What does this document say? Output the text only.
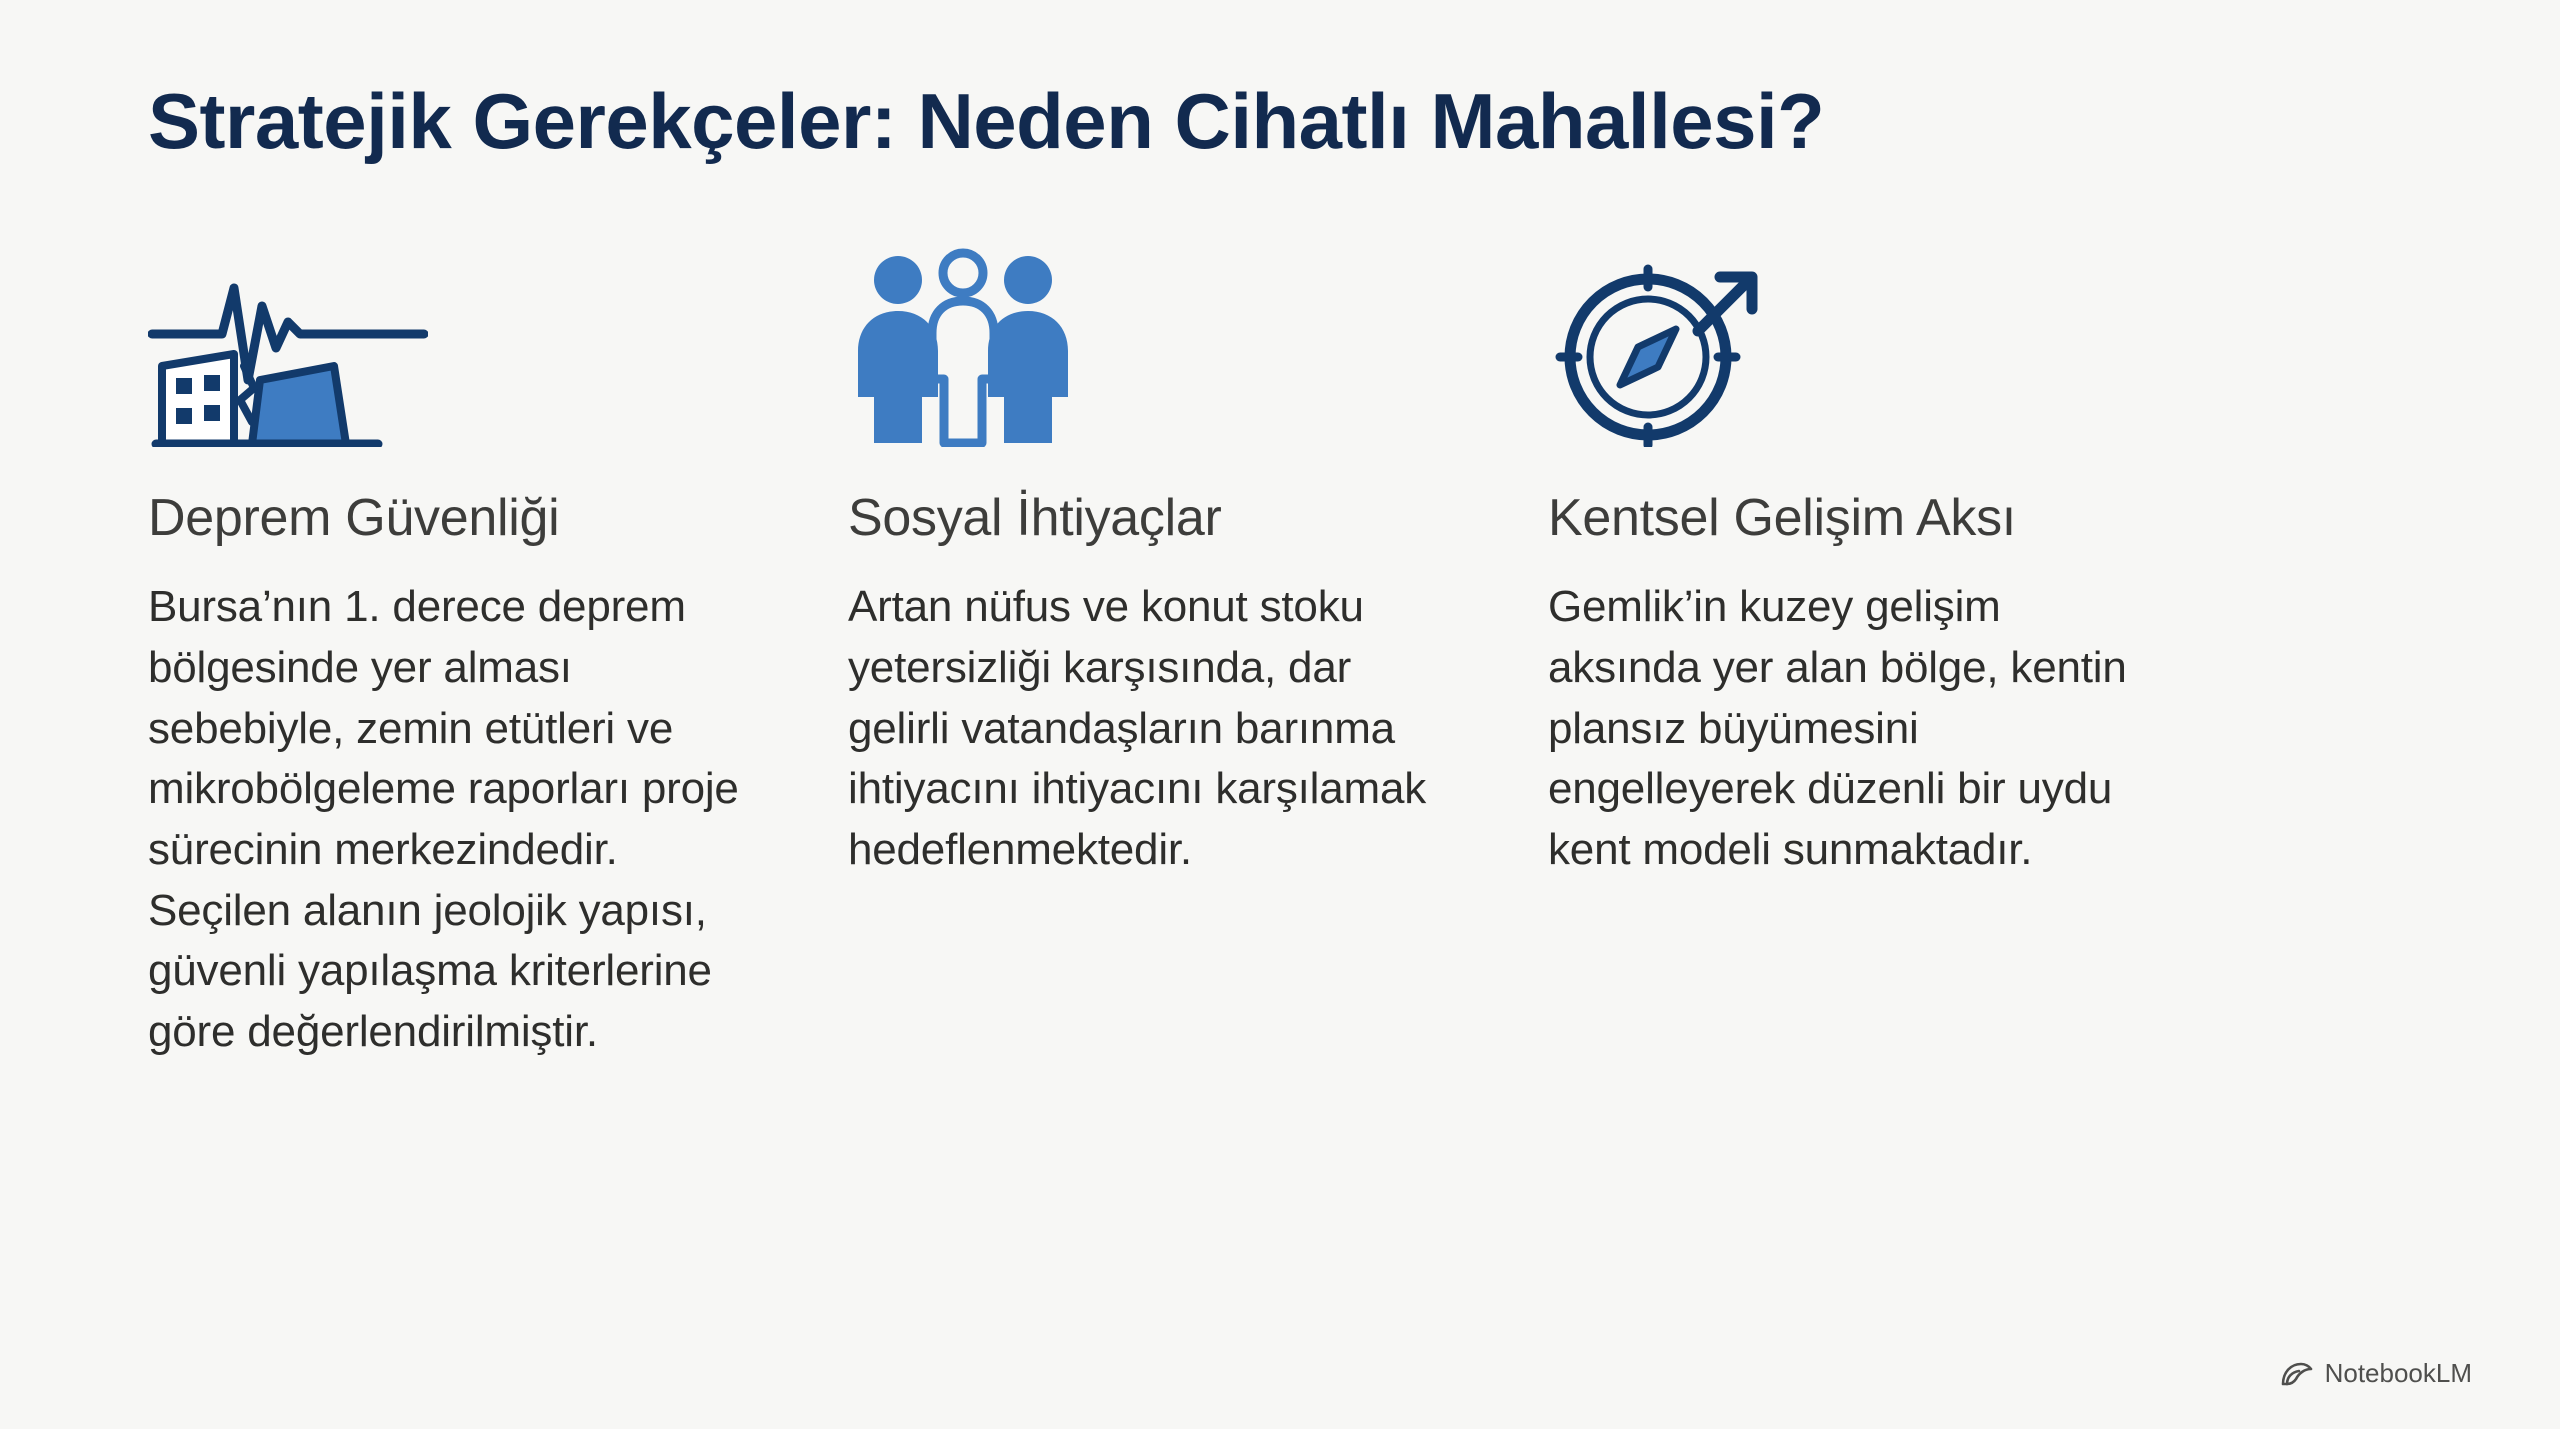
Stratejik Gerekçeler: Neden Cihatlı Mahallesi?
Deprem Güvenliği

Bursa’nın 1. derece deprem bölgesinde yer alması sebebiyle, zemin etütleri ve mikrobölgeleme raporları proje sürecinin merkezindedir. Seçilen alanın jeolojik yapısı, güvenli yapılaşma kriterlerine göre değerlendirilmiştir.

Sosyal İhtiyaçlar

Artan nüfus ve konut stoku yetersizliği karşısında, dar gelirli vatandaşların barınma ihtiyacını ihtiyacını karşılamak hedeflenmektedir.

Kentsel Gelişim Aksı

Gemlik’in kuzey gelişim aksında yer alan bölge, kentin plansız büyümesini engelleyerek düzenli bir uydu kent modeli sunmaktadır.

NotebookLM
